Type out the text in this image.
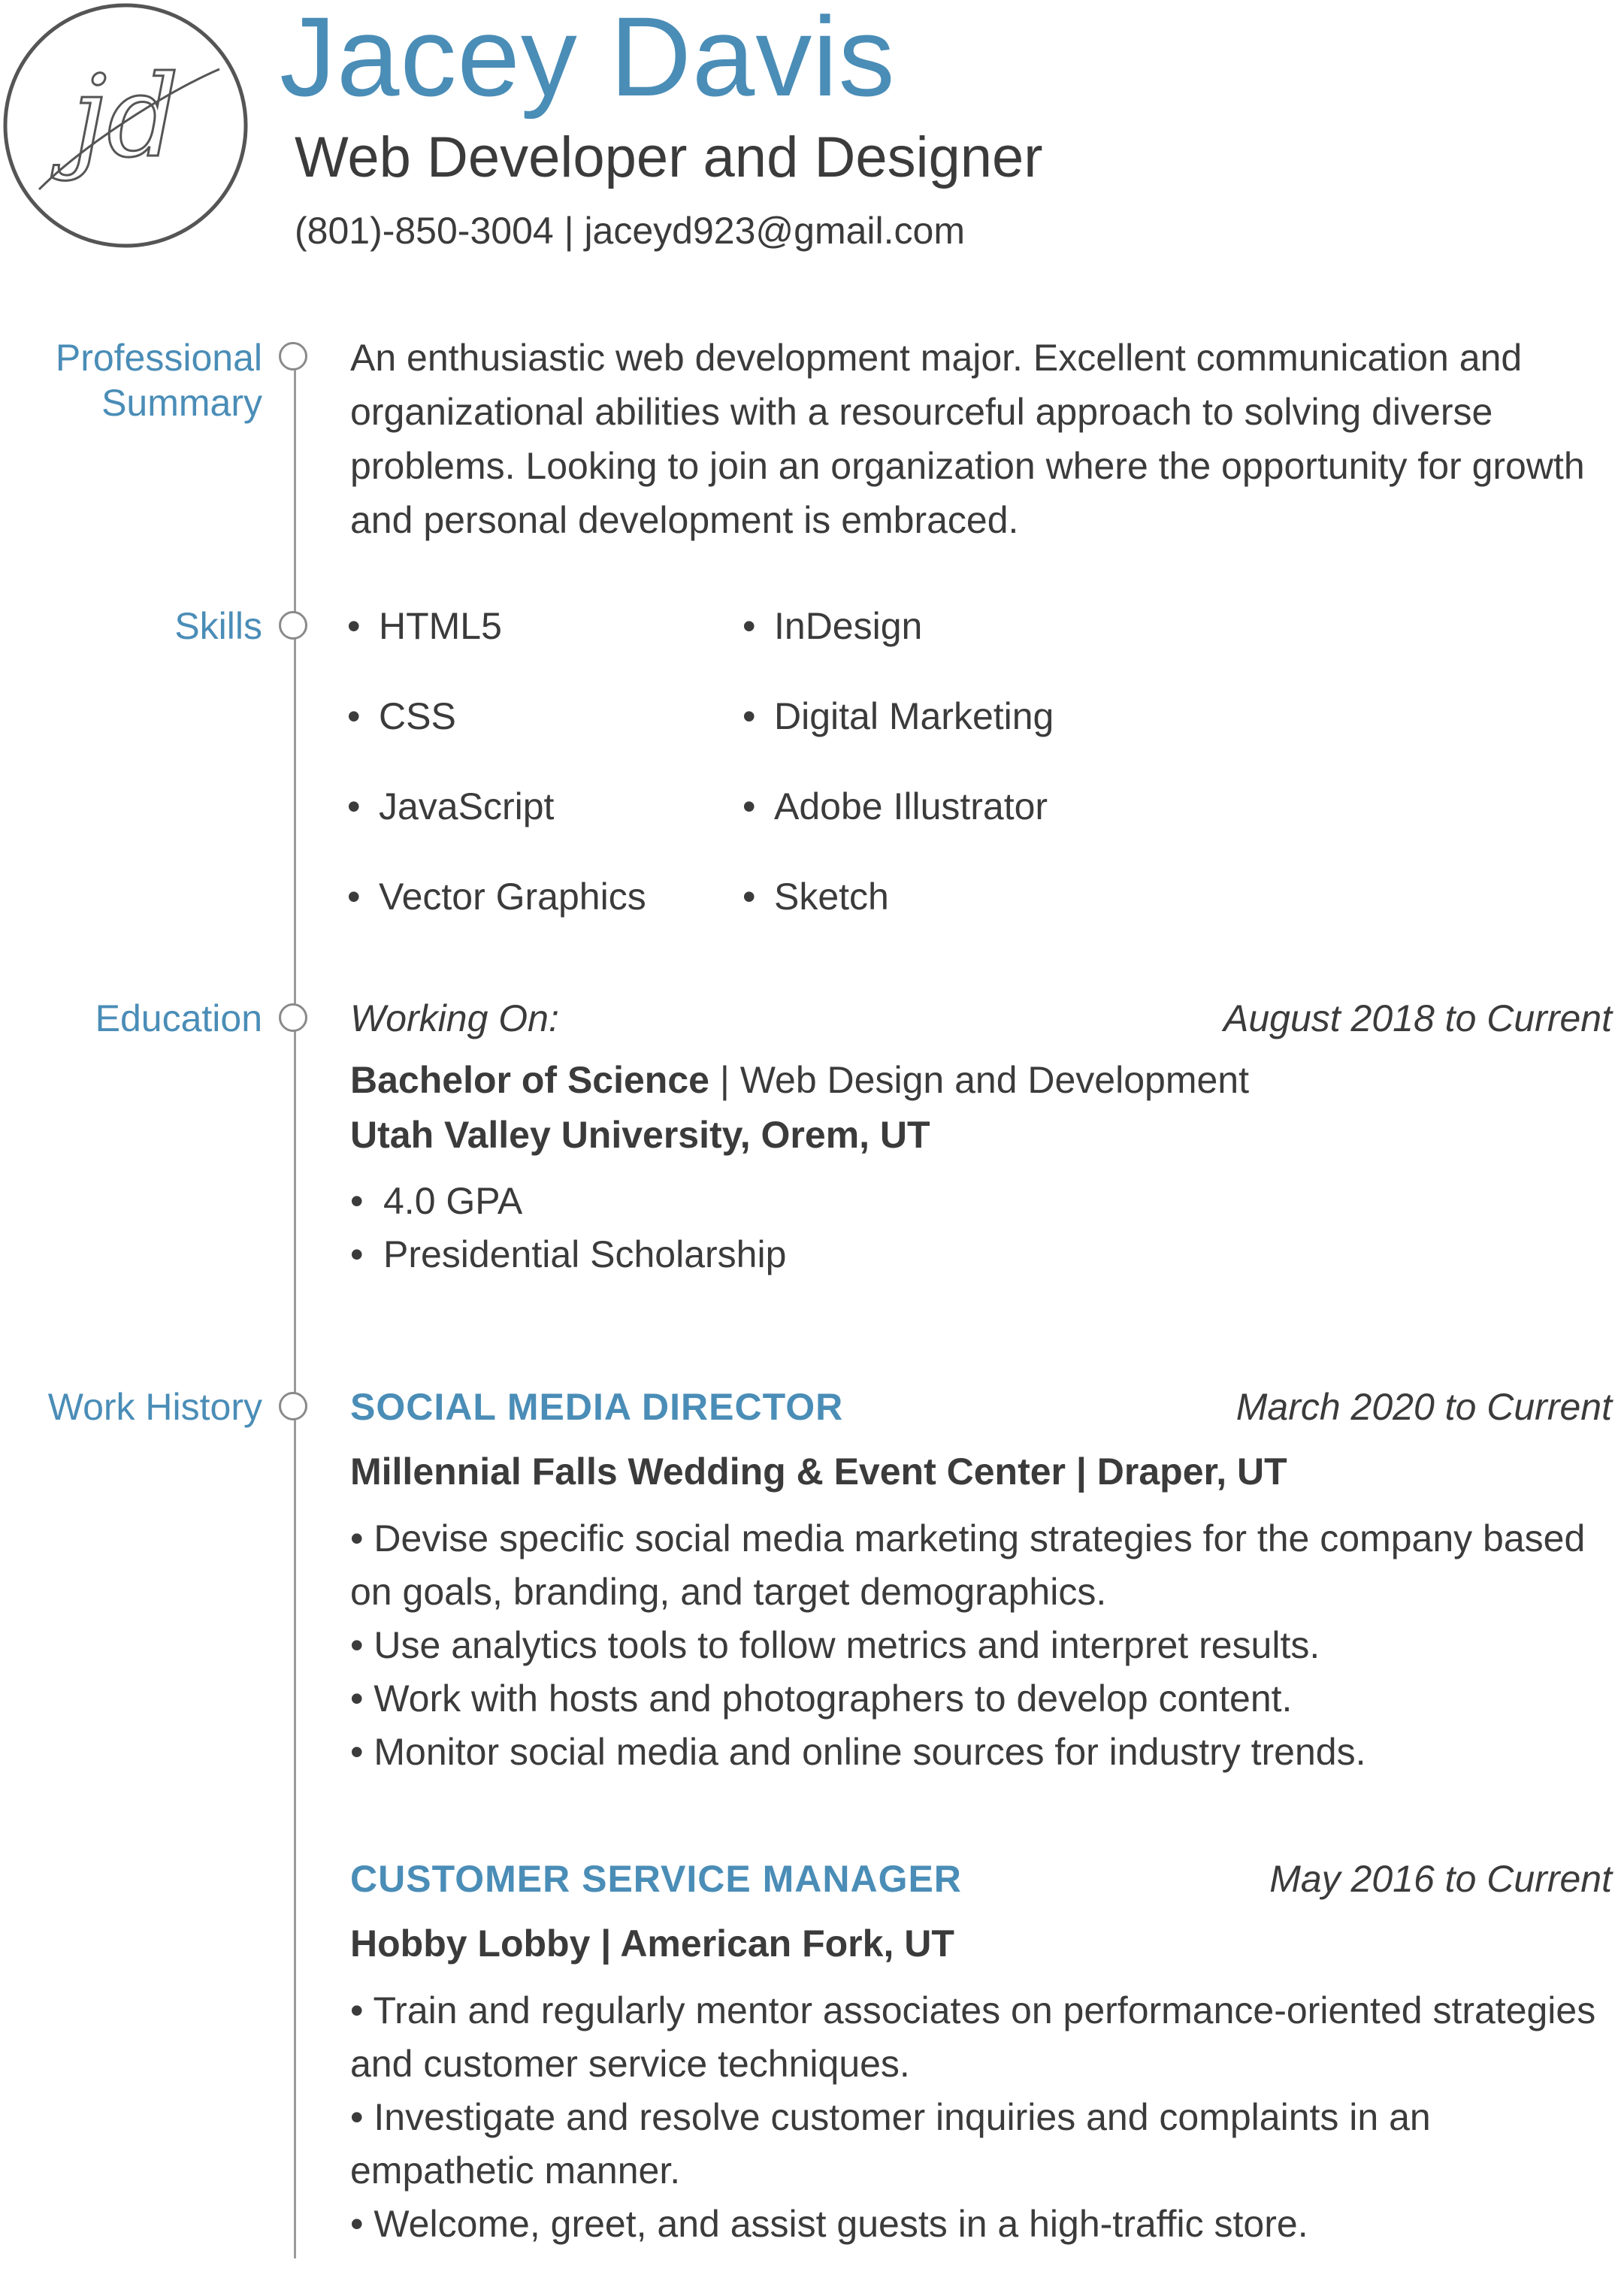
jd Jacey Davis
Web Developer and Designer
(801)-850-3004 | jaceyd923@gmail.com
Professional
Summary
An enthusiastic web development major. Excellent communication and organizational abilities with a resourceful approach to solving diverse problems. Looking to join an organization where the opportunity for growth and personal development is embraced.
Skills • HTML5
• CSS
• JavaScript
• Vector Graphics
• InDesign
• Digital Marketing
• Adobe Illustrator
• Sketch
Education Working On:	August 2018 to Current
Bachelor of Science | Web Design and Development
Utah Valley University, Orem, UT
• 4.0 GPA
• Presidential Scholarship
Work History SOCIAL MEDIA DIRECTOR	March 2020 to Current
Millennial Falls Wedding & Event Center | Draper, UT
• Devise specific social media marketing strategies for the company based on goals, branding, and target demographics.
• Use analytics tools to follow metrics and interpret results.
• Work with hosts and photographers to develop content.
• Monitor social media and online sources for industry trends.
CUSTOMER SERVICE MANAGER	May 2016 to Current
Hobby Lobby | American Fork, UT
• Train and regularly mentor associates on performance-oriented strategies and customer service techniques.
• Investigate and resolve customer inquiries and complaints in an empathetic manner.
• Welcome, greet, and assist guests in a high-traffic store.
